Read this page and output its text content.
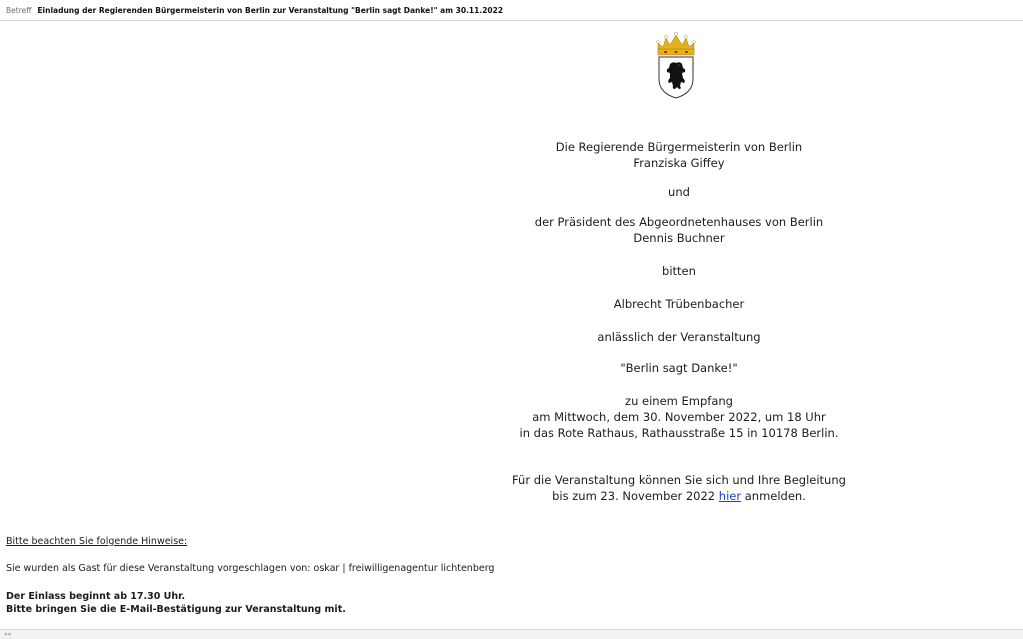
Betreff Einladung der Regierenden Bürgermeisterin von Berlin zur Veranstaltung "Berlin sagt Danke!" am 30.11.2022
Die Regierende Bürgermeisterin von Berlin
Franziska Giffey
und
der Präsident des Abgeordnetenhauses von Berlin
Dennis Buchner
bitten
Albrecht Trübenbacher
anlässlich der Veranstaltung
"Berlin sagt Danke!"
zu einem Empfang
am Mittwoch, dem 30. November 2022, um 18 Uhr
in das Rote Rathaus, Rathausstraße 15 in 10178 Berlin.
Für die Veranstaltung können Sie sich und Ihre Begleitung
bis zum 23. November 2022 hier anmelden.
Bitte beachten Sie folgende Hinweise:
Sie wurden als Gast für diese Veranstaltung vorgeschlagen von: oskar | freiwilligenagentur lichtenberg
Der Einlass beginnt ab 17.30 Uhr.
Bitte bringen Sie die E-Mail-Bestätigung zur Veranstaltung mit.
«»
